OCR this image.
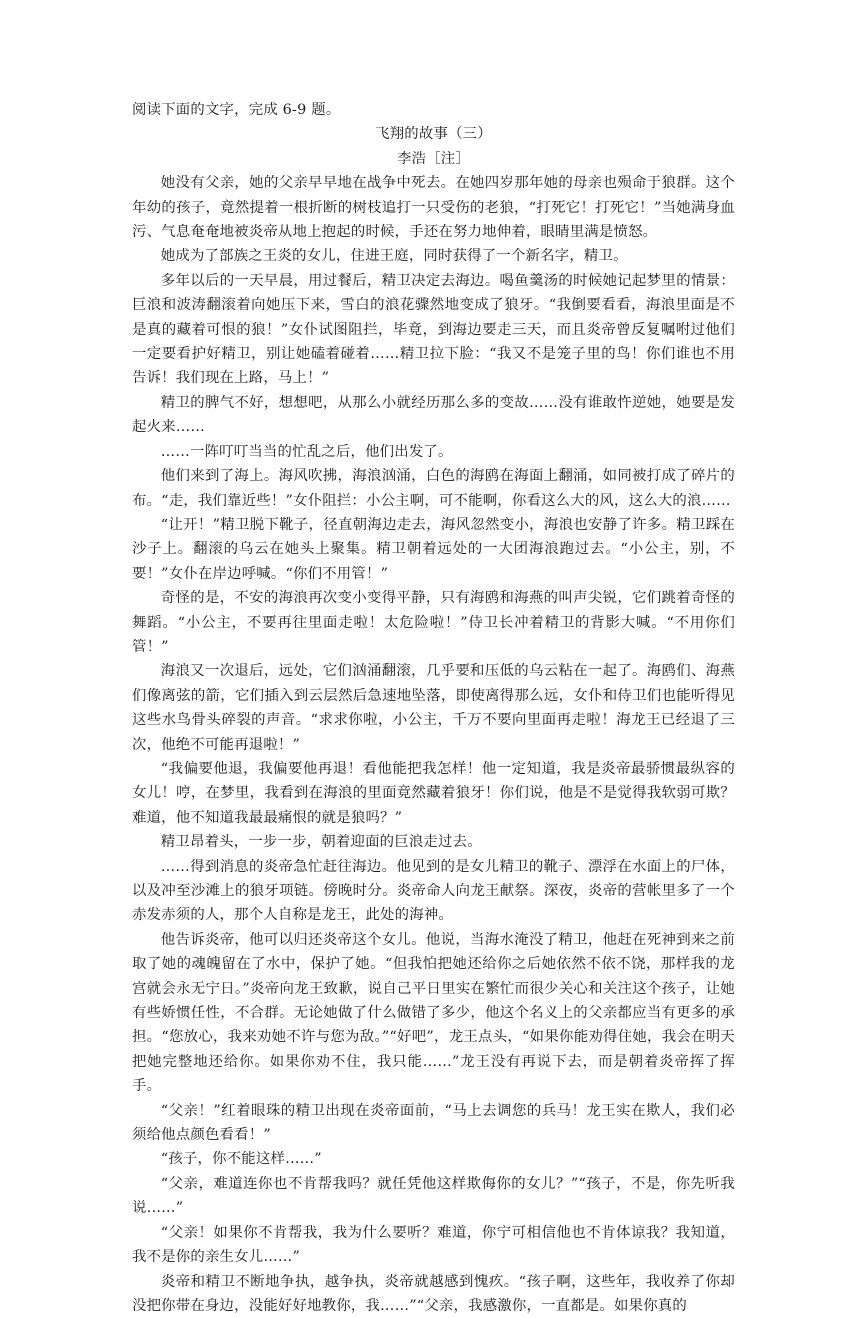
阅读下面的文字，完成 6-9 题。

飞翔的故事（三）

李浩［注］

她没有父亲，她的父亲早早地在战争中死去。在她四岁那年她的母亲也殒命于狼群。这个年幼的孩子，竟然提着一根折断的树枝追打一只受伤的老狼，“打死它！打死它！”当她满身血污、气息奄奄地被炎帝从地上抱起的时候，手还在努力地伸着，眼睛里满是愤怒。

她成为了部族之王炎的女儿，住进王庭，同时获得了一个新名字，精卫。

多年以后的一天早晨，用过餐后，精卫决定去海边。喝鱼羹汤的时候她记起梦里的情景：巨浪和波涛翻滚着向她压下来，雪白的浪花骤然地变成了狼牙。“我倒要看看，海浪里面是不是真的藏着可恨的狼！”女仆试图阻拦，毕竟，到海边要走三天，而且炎帝曾反复嘱咐过他们一定要看护好精卫，别让她磕着碰着……精卫拉下脸：“我又不是笼子里的鸟！你们谁也不用告诉！我们现在上路，马上！”

精卫的脾气不好，想想吧，从那么小就经历那么多的变故……没有谁敢忤逆她，她要是发起火来……

……一阵叮叮当当的忙乱之后，他们出发了。

他们来到了海上。海风吹拂，海浪汹涌，白色的海鸥在海面上翻涌，如同被打成了碎片的布。“走，我们靠近些！”女仆阻拦：小公主啊，可不能啊，你看这么大的风，这么大的浪……

“让开！”精卫脱下靴子，径直朝海边走去，海风忽然变小，海浪也安静了许多。精卫踩在沙子上。翻滚的乌云在她头上聚集。精卫朝着远处的一大团海浪跑过去。“小公主，别，不要！”女仆在岸边呼喊。“你们不用管！”

奇怪的是，不安的海浪再次变小变得平静，只有海鸥和海燕的叫声尖锐，它们跳着奇怪的舞蹈。“小公主，不要再往里面走啦！太危险啦！”侍卫长冲着精卫的背影大喊。“不用你们管！”

海浪又一次退后，远处，它们汹涌翻滚，几乎要和压低的乌云粘在一起了。海鸥们、海燕们像离弦的箭，它们插入到云层然后急速地坠落，即使离得那么远，女仆和侍卫们也能听得见这些水鸟骨头碎裂的声音。“求求你啦，小公主，千万不要向里面再走啦！海龙王已经退了三次，他绝不可能再退啦！”

“我偏要他退，我偏要他再退！看他能把我怎样！他一定知道，我是炎帝最骄惯最纵容的女儿！哼，在梦里，我看到在海浪的里面竟然藏着狼牙！你们说，他是不是觉得我软弱可欺？难道，他不知道我最最痛恨的就是狼吗？”

精卫昂着头，一步一步，朝着迎面的巨浪走过去。

……得到消息的炎帝急忙赶往海边。他见到的是女儿精卫的靴子、漂浮在水面上的尸体，以及冲至沙滩上的狼牙项链。傍晚时分。炎帝命人向龙王献祭。深夜，炎帝的营帐里多了一个赤发赤须的人，那个人自称是龙王，此处的海神。

他告诉炎帝，他可以归还炎帝这个女儿。他说，当海水淹没了精卫，他赶在死神到来之前取了她的魂魄留在了水中，保护了她。“但我怕把她还给你之后她依然不依不饶，那样我的龙宫就会永无宁日。”炎帝向龙王致歉，说自己平日里实在繁忙而很少关心和关注这个孩子，让她有些娇惯任性，不合群。无论她做了什么做错了多少，他这个名义上的父亲都应当有更多的承担。“您放心，我来劝她不许与您为敌。”“好吧”，龙王点头，“如果你能劝得住她，我会在明天把她完整地还给你。如果你劝不住，我只能……”龙王没有再说下去，而是朝着炎帝挥了挥手。

“父亲！”红着眼珠的精卫出现在炎帝面前，“马上去调您的兵马！龙王实在欺人，我们必须给他点颜色看看！”

“孩子，你不能这样……”

“父亲，难道连你也不肯帮我吗？就任凭他这样欺侮你的女儿？”“孩子，不是，你先听我说……”

“父亲！如果你不肯帮我，我为什么要听？难道，你宁可相信他也不肯体谅我？我知道，我不是你的亲生女儿……”

炎帝和精卫不断地争执，越争执，炎帝就越感到愧疚。“孩子啊，这些年，我收养了你却没把你带在身边，没能好好地教你，我……”“父亲，我感激你，一直都是。如果你真的
